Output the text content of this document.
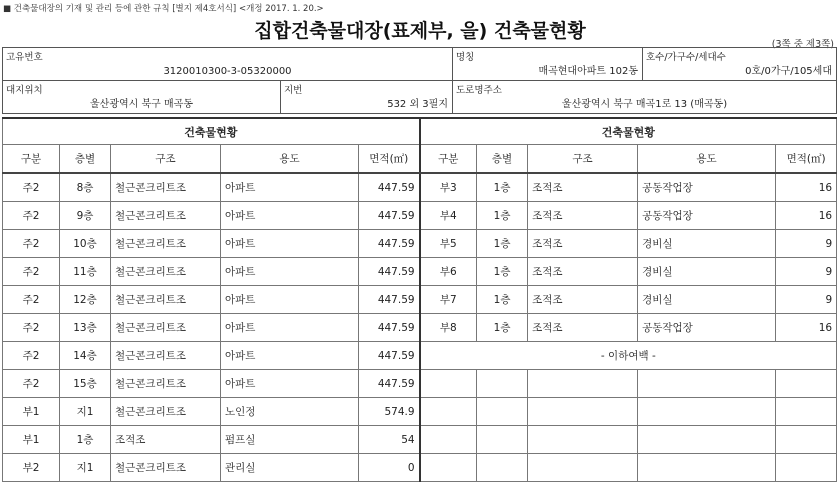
■ 건축물대장의 기재 및 관리 등에 관한 규칙 [별지 제4호서식] <개정 2017. 1. 20.>
집합건축물대장(표제부, 을) 건축물현황
(3쪽 중 제3쪽)
고유번호
3120010300-3-05320000

명칭
매곡현대아파트 102동

호수/가구수/세대수
0호/0가구/105세대
대지위치
울산광역시 북구 매곡동

지번
532 외 3필지

도로명주소
울산광역시 북구 매곡1로 13 (매곡동)
건축물현황					건축물현황				
구분	층별	구조	용도	면적(㎡)	구분	층별	구조	용도	면적(㎡)
주2	8층	철근콘크리트조	아파트	447.59	부3	1층	조적조	공동작업장	16
주2	9층	철근콘크리트조	아파트	447.59	부4	1층	조적조	공동작업장	16
주2	10층	철근콘크리트조	아파트	447.59	부5	1층	조적조	경비실	9
주2	11층	철근콘크리트조	아파트	447.59	부6	1층	조적조	경비실	9
주2	12층	철근콘크리트조	아파트	447.59	부7	1층	조적조	경비실	9
주2	13층	철근콘크리트조	아파트	447.59	부8	1층	조적조	공동작업장	16
주2	14층	철근콘크리트조	아파트	447.59	- 이하여백 -				
주2	15층	철근콘크리트조	아파트	447.59					
부1	지1	철근콘크리트조	노인정	574.9					
부1	1층	조적조	펌프실	54					
부2	지1	철근콘크리트조	관리실	0					
